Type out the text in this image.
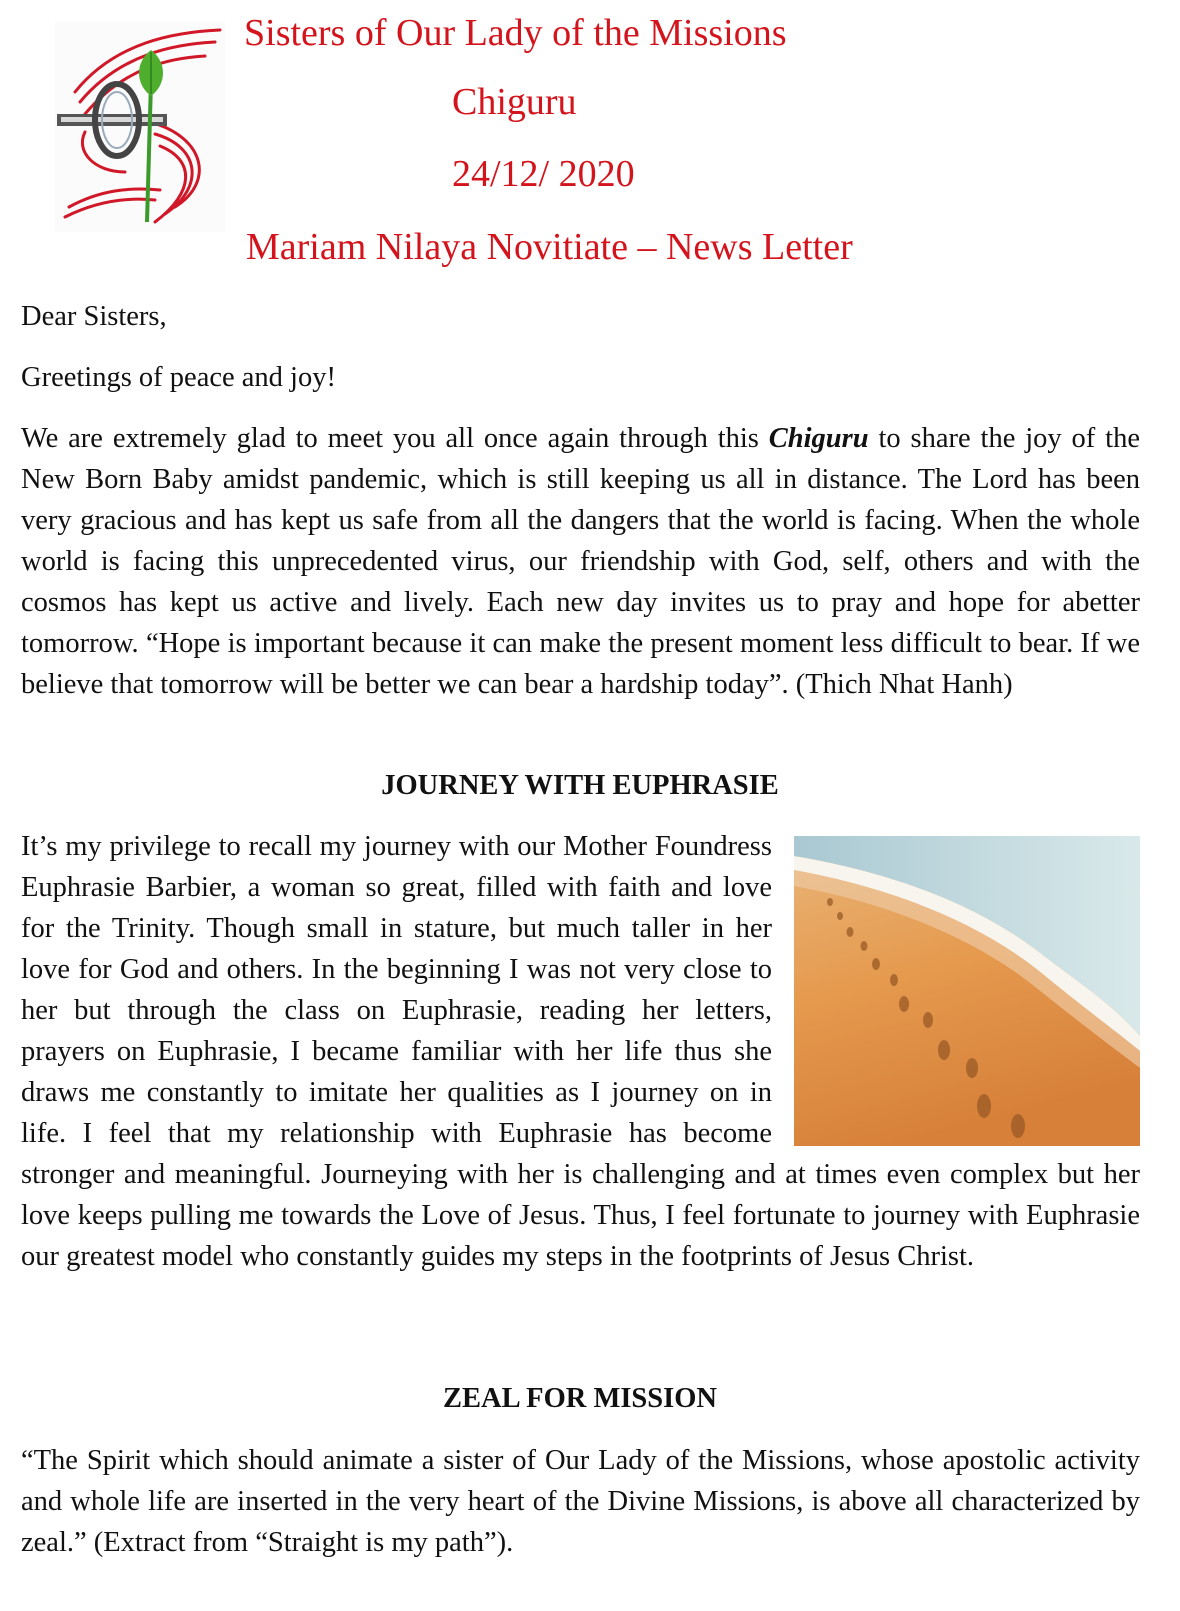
Sisters of Our Lady of the Missions
Chiguru
24/12/ 2020
Mariam Nilaya Novitiate – News Letter

Dear Sisters,

Greetings of peace and joy!

We are extremely glad to meet you all once again through this Chiguru to share the joy of the New Born Baby amidst pandemic, which is still keeping us all in distance. The Lord has been very gracious and has kept us safe from all the dangers that the world is facing. When the whole world is facing this unprecedented virus, our friendship with God, self, others and with the cosmos has kept us active and lively. Each new day invites us to pray and hope for abetter tomorrow. “Hope is important because it can make the present moment less difficult to bear. If we believe that tomorrow will be better we can bear a hardship today”. (Thich Nhat Hanh)

JOURNEY WITH EUPHRASIE

It’s my privilege to recall my journey with our Mother Foundress Euphrasie Barbier, a woman so great, filled with faith and love for the Trinity. Though small in stature, but much taller in her love for God and others. In the beginning I was not very close to her but through the class on Euphrasie, reading her letters, prayers on Euphrasie, I became familiar with her life thus she draws me constantly to imitate her qualities as I journey on in life. I feel that my relationship with Euphrasie has become stronger and meaningful. Journeying with her is challenging and at times even complex but her love keeps pulling me towards the Love of Jesus. Thus, I feel fortunate to journey with Euphrasie our greatest model who constantly guides my steps in the footprints of Jesus Christ.

ZEAL FOR MISSION

“The Spirit which should animate a sister of Our Lady of the Missions, whose apostolic activity and whole life are inserted in the very heart of the Divine Missions, is above all characterized by zeal.” (Extract from “Straight is my path”).
